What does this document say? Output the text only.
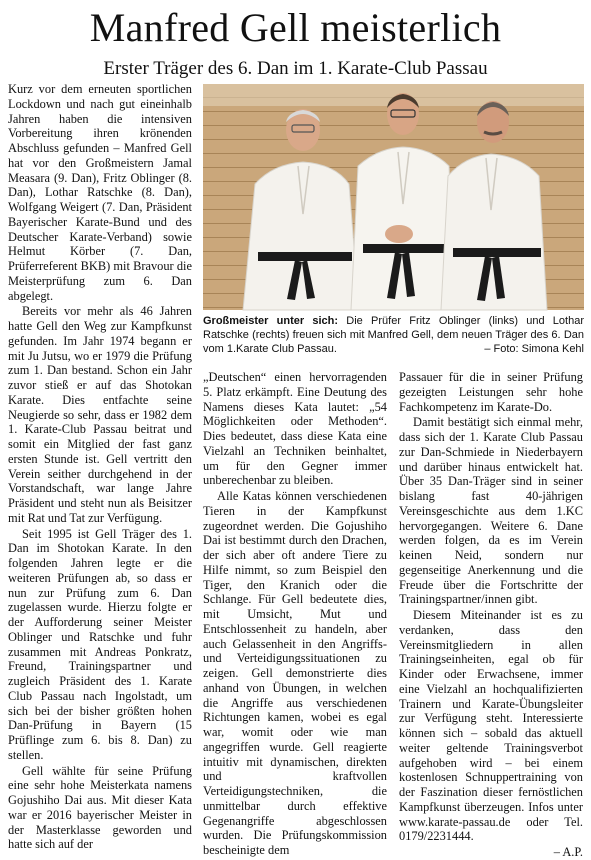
Manfred Gell meisterlich
Erster Träger des 6. Dan im 1. Karate-Club Passau

Kurz vor dem erneuten sportlichen Lockdown und nach gut eineinhalb Jahren haben die intensiven Vorbereitung ihren krönenden Abschluss gefunden – Manfred Gell hat vor den Großmeistern Jamal Measara (9. Dan), Fritz Oblinger (8. Dan), Lothar Ratschke (8. Dan), Wolfgang Weigert (7. Dan, Präsident Bayerischer Karate-Bund und des Deutscher Karate-Verband) sowie Helmut Körber (7. Dan, Prüferreferent BKB) mit Bravour die Meisterprüfung zum 6. Dan abgelegt.

Bereits vor mehr als 46 Jahren hatte Gell den Weg zur Kampfkunst gefunden. Im Jahr 1974 begann er mit Ju Jutsu, wo er 1979 die Prüfung zum 1. Dan bestand. Schon ein Jahr zuvor stieß er auf das Shotokan Karate. Dies entfachte seine Neugierde so sehr, dass er 1982 dem 1. Karate-Club Passau beitrat und somit ein Mitglied der fast ganz ersten Stunde ist. Gell vertritt den Verein seither durchgehend in der Vorstandschaft, war lange Jahre Präsident und steht nun als Beisitzer mit Rat und Tat zur Verfügung.

Seit 1995 ist Gell Träger des 1. Dan im Shotokan Karate. In den folgenden Jahren legte er die weiteren Prüfungen ab, so dass er nun zur Prüfung zum 6. Dan zugelassen wurde. Hierzu folgte er der Aufforderung seiner Meister Oblinger und Ratschke und fuhr zusammen mit Andreas Ponkratz, Freund, Trainingspartner und zugleich Präsident des 1. Karate Club Passau nach Ingolstadt, um sich bei der bisher größten hohen Dan-Prüfung in Bayern (15 Prüflinge zum 6. bis 8. Dan) zu stellen.

Gell wählte für seine Prüfung eine sehr hohe Meisterkata namens Gojushiho Dai aus. Mit dieser Kata war er 2016 bayerischer Meister in der Masterklasse geworden und hatte sich auf der

Großmeister unter sich: Die Prüfer Fritz Oblinger (links) und Lothar Ratschke (rechts) freuen sich mit Manfred Gell, dem neuen Träger des 6. Dan vom 1.Karate Club Passau.	– Foto: Simona Kehl

„Deutschen“ einen hervorragenden 5. Platz erkämpft. Eine Deutung des Namens dieses Kata lautet: „54 Möglichkeiten oder Methoden“. Dies bedeutet, dass diese Kata eine Vielzahl an Techniken beinhaltet, um für den Gegner immer unberechenbar zu bleiben.

Alle Katas können verschiedenen Tieren in der Kampfkunst zugeordnet werden. Die Gojushiho Dai ist bestimmt durch den Drachen, der sich aber oft andere Tiere zu Hilfe nimmt, so zum Beispiel den Tiger, den Kranich oder die Schlange. Für Gell bedeutete dies, mit Umsicht, Mut und Entschlossenheit zu handeln, aber auch Gelassenheit in den Angriffs- und Verteidigungssituationen zu zeigen. Gell demonstrierte dies anhand von Übungen, in welchen die Angriffe aus verschiedenen Richtungen kamen, wobei es egal war, womit oder wie man angegriffen wurde. Gell reagierte intuitiv mit dynamischen, direkten und kraftvollen Verteidigungstechniken, die unmittelbar durch effektive Gegenangriffe abgeschlossen wurden. Die Prüfungskommission bescheinigte dem

Passauer für die in seiner Prüfung gezeigten Leistungen sehr hohe Fachkompetenz im Karate-Do.

Damit bestätigt sich einmal mehr, dass sich der 1. Karate Club Passau zur Dan-Schmiede in Niederbayern und darüber hinaus entwickelt hat. Über 35 Dan-Träger sind in seiner bislang fast 40-jährigen Vereinsgeschichte aus dem 1.KC hervorgegangen. Weitere 6. Dane werden folgen, da es im Verein keinen Neid, sondern nur gegenseitige Anerkennung und die Freude über die Fortschritte der Trainingspartner/innen gibt.

Diesem Miteinander ist es zu verdanken, dass den Vereinsmitgliedern in allen Trainingseinheiten, egal ob für Kinder oder Erwachsene, immer eine Vielzahl an hochqualifizierten Trainern und Karate-Übungsleiter zur Verfügung steht. Interessierte können sich – sobald das aktuell weiter geltende Trainingsverbot aufgehoben wird – bei einem kostenlosen Schnuppertraining von der Faszination dieser fernöstlichen Kampfkunst überzeugen. Infos unter www.karate-passau.de oder Tel. 0179/2231444.

– A.P.
